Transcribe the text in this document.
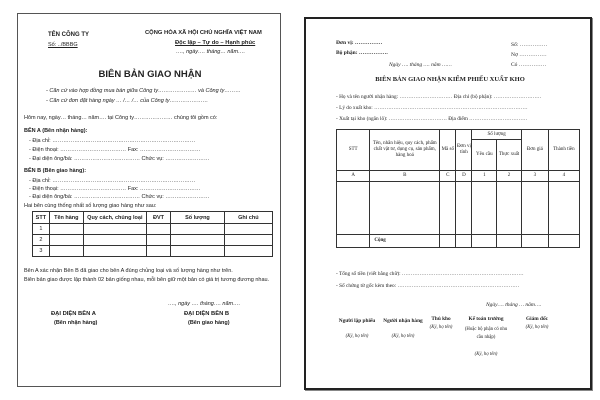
TÊN CÔNG TY
Số: ../BBBG
CỘNG HÒA XÃ HỘI CHỦ NGHĨA VIỆT NAM
Độc lập – Tự do – Hạnh phúc
…., ngày…. tháng… năm….
BIÊN BẢN GIAO NHẬN
- Căn cứ vào hợp đồng mua bán giữa Công ty………………… và Công ty………
- Căn cứ đơn đặt hàng ngày … /… /… của Công ty…………………
Hôm nay, ngày… tháng… năm…. tại Công ty………………… chúng tôi gồm có:
BÊN A (Bên nhận hàng):
- Địa chỉ: ……………………………………………………………………
- Điện thoại: ……………………………… Fax: ……………………………
- Đại diện ông/bà: ……………………………… Chức vụ: ……………………
BÊN B (Bên giao hàng):
- Địa chỉ: ……………………………………………………………………
- Điện thoại: ……………………………… Fax: ……………………………
- Đại diện ông/bà: ……………………………… Chức vụ: ……………………
Hai bên cùng thống nhất số lượng giao hàng như sau:
STT	Tên hàng	Quy cách, chủng loại	ĐVT	Số lượng	Ghi chú
1					
2					
3					
Bên A xác nhận Bên B đã giao cho bên A đúng chủng loại và số lượng hàng như trên.
Biên bản giao được lập thành 02 bản giống nhau, mỗi bên giữ một bản có giá trị tương đương nhau.
…., ngày …. tháng…. năm….
ĐẠI DIỆN BÊN A
(Bên nhận hàng)
ĐẠI DIỆN BÊN B
(Bên giao hàng)
Đơn vị: ……………
Bộ phận: …………….
Ngày …. tháng …. năm ……
Nợ ……………
Có ……………
Số: ……………
BIÊN BẢN GIAO NHẬN KIỂM PHIẾU XUẤT KHO
- Họ và tên người nhận hàng: ………………………… Địa chỉ (bộ phận): ………………………
- Lý do xuất kho: ……………………………………………………………………………
- Xuất tại kho (ngăn lô): …………………………… Địa điểm ……………………………
STT	Tên, nhãn hiệu, quy cách, phẩm chất vật tư, dụng cụ, sản phẩm, hàng hoá	Mã số	Đơn vị tính	Số lượng		Đơn giá	Thành tiền
				Yêu cầu	Thực xuất		
A	B	C	D	1	2	3	4

	Cộng						
- Tổng số tiền (viết bằng chữ): ……………………………………………………………
- Số chứng từ gốc kèm theo: ……………………………………………………………
Ngày…. tháng … năm….
Người lập phiếu
(Ký, họ tên)
Người nhận hàng
(Ký, họ tên)
Thủ kho
(Ký, họ tên)
Kế toán trưởng
(Hoặc bộ phận có nhu cầu nhập)
(Ký, họ tên)
Giám đốc
(Ký, họ tên)
